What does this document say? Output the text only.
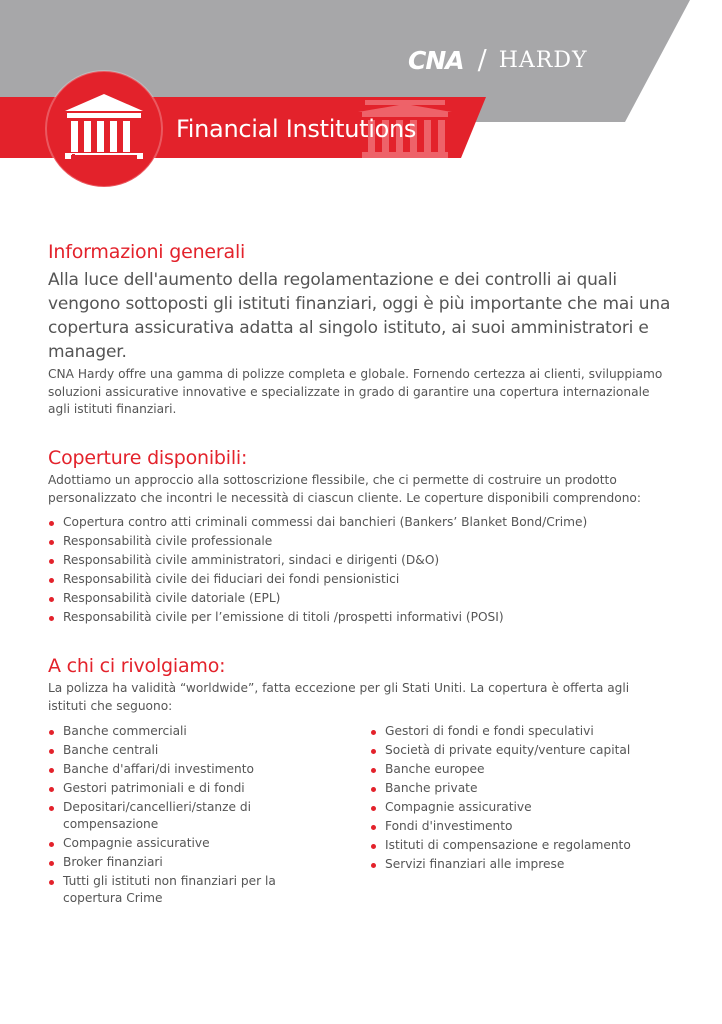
CNA / HARDY
Financial Institutions
Informazioni generali

Alla luce dell'aumento della regolamentazione e dei controlli ai quali vengono sottoposti gli istituti finanziari, oggi è più importante che mai una copertura assicurativa adatta al singolo istituto, ai suoi amministratori e manager.

CNA Hardy offre una gamma di polizze completa e globale. Fornendo certezza ai clienti, sviluppiamo soluzioni assicurative innovative e specializzate in grado di garantire una copertura internazionale agli istituti finanziari.

Coperture disponibili:

Adottiamo un approccio alla sottoscrizione flessibile, che ci permette di costruire un prodotto personalizzato che incontri le necessità di ciascun cliente. Le coperture disponibili comprendono:

Copertura contro atti criminali commessi dai banchieri (Bankers’ Blanket Bond/Crime)
Responsabilità civile professionale
Responsabilità civile amministratori, sindaci e dirigenti (D&O)
Responsabilità civile dei fiduciari dei fondi pensionistici
Responsabilità civile datoriale (EPL)
Responsabilità civile per l’emissione di titoli /prospetti informativi (POSI)
A chi ci rivolgiamo:

La polizza ha validità “worldwide”, fatta eccezione per gli Stati Uniti. La copertura è offerta agli istituti che seguono:

Banche commerciali
Banche centrali
Banche d'affari/di investimento
Gestori patrimoniali e di fondi
Depositari/cancellieri/stanze di compensazione
Compagnie assicurative
Broker finanziari
Tutti gli istituti non finanziari per la copertura Crime
Gestori di fondi e fondi speculativi
Società di private equity/venture capital
Banche europee
Banche private
Compagnie assicurative
Fondi d'investimento
Istituti di compensazione e regolamento
Servizi finanziari alle imprese
